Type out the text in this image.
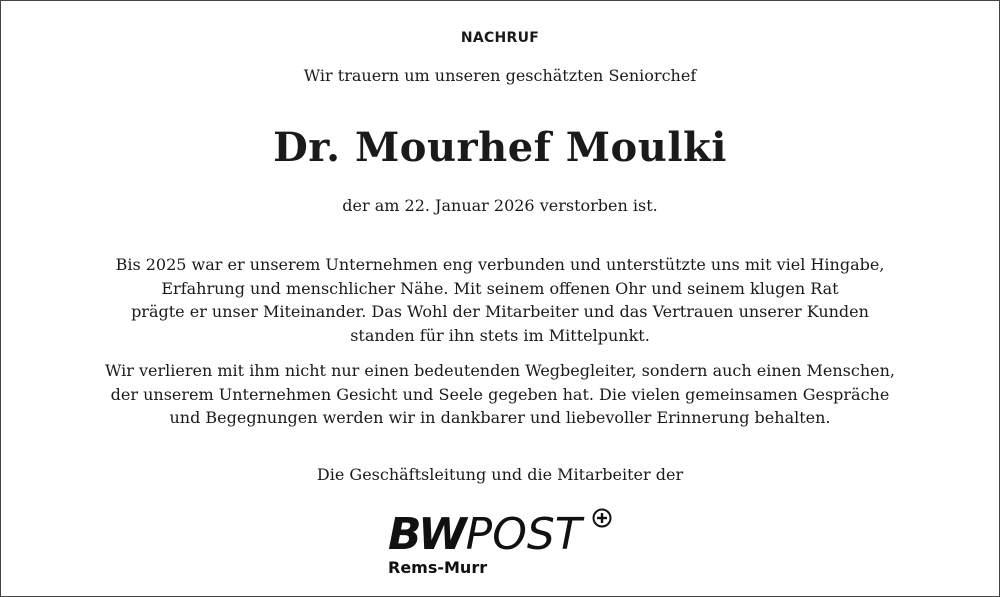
NACHRUF
Wir trauern um unseren geschätzten Seniorchef
Dr. Mourhef Moulki
der am 22. Januar 2026 verstorben ist.
Bis 2025 war er unserem Unternehmen eng verbunden und unterstützte uns mit viel Hingabe,
Erfahrung und menschlicher Nähe. Mit seinem offenen Ohr und seinem klugen Rat
prägte er unser Miteinander. Das Wohl der Mitarbeiter und das Vertrauen unserer Kunden
standen für ihn stets im Mittelpunkt.
Wir verlieren mit ihm nicht nur einen bedeutenden Wegbegleiter, sondern auch einen Menschen,
der unserem Unternehmen Gesicht und Seele gegeben hat. Die vielen gemeinsamen Gespräche
und Begegnungen werden wir in dankbarer und liebevoller Erinnerung behalten.
Die Geschäftsleitung und die Mitarbeiter der
BWPOST
Rems-Murr
